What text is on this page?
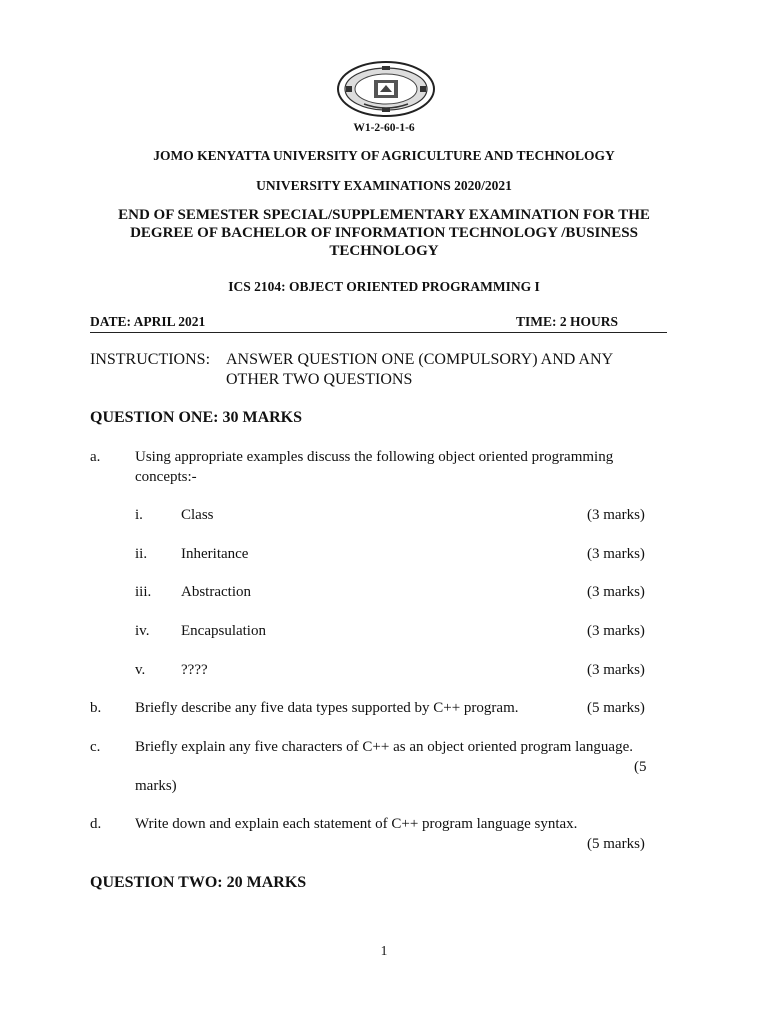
W1-2-60-1-6
JOMO KENYATTA UNIVERSITY OF AGRICULTURE AND TECHNOLOGY
UNIVERSITY EXAMINATIONS 2020/2021
END OF SEMESTER SPECIAL/SUPPLEMENTARY EXAMINATION FOR THE
DEGREE OF BACHELOR OF INFORMATION TECHNOLOGY /BUSINESS
TECHNOLOGY
ICS 2104: OBJECT ORIENTED PROGRAMMING I
DATE: APRIL 2021	TIME: 2 HOURS
INSTRUCTIONS: ANSWER QUESTION ONE (COMPULSORY) AND ANY
OTHER TWO QUESTIONS
QUESTION ONE: 30 MARKS
a. Using appropriate examples discuss the following object oriented programming
concepts:-
i.	Class	(3 marks)
ii. Inheritance	(3 marks)
iii. Abstraction	(3 marks)
iv. Encapsulation	(3 marks)
v. ????	(3 marks)
b. Briefly describe any five data types supported by C++ program.	(5 marks)
c. Briefly explain any five characters of C++ as an object oriented program language.
(5
marks)
d. Write down and explain each statement of C++ program language syntax.
(5 marks)
QUESTION TWO: 20 MARKS
1
